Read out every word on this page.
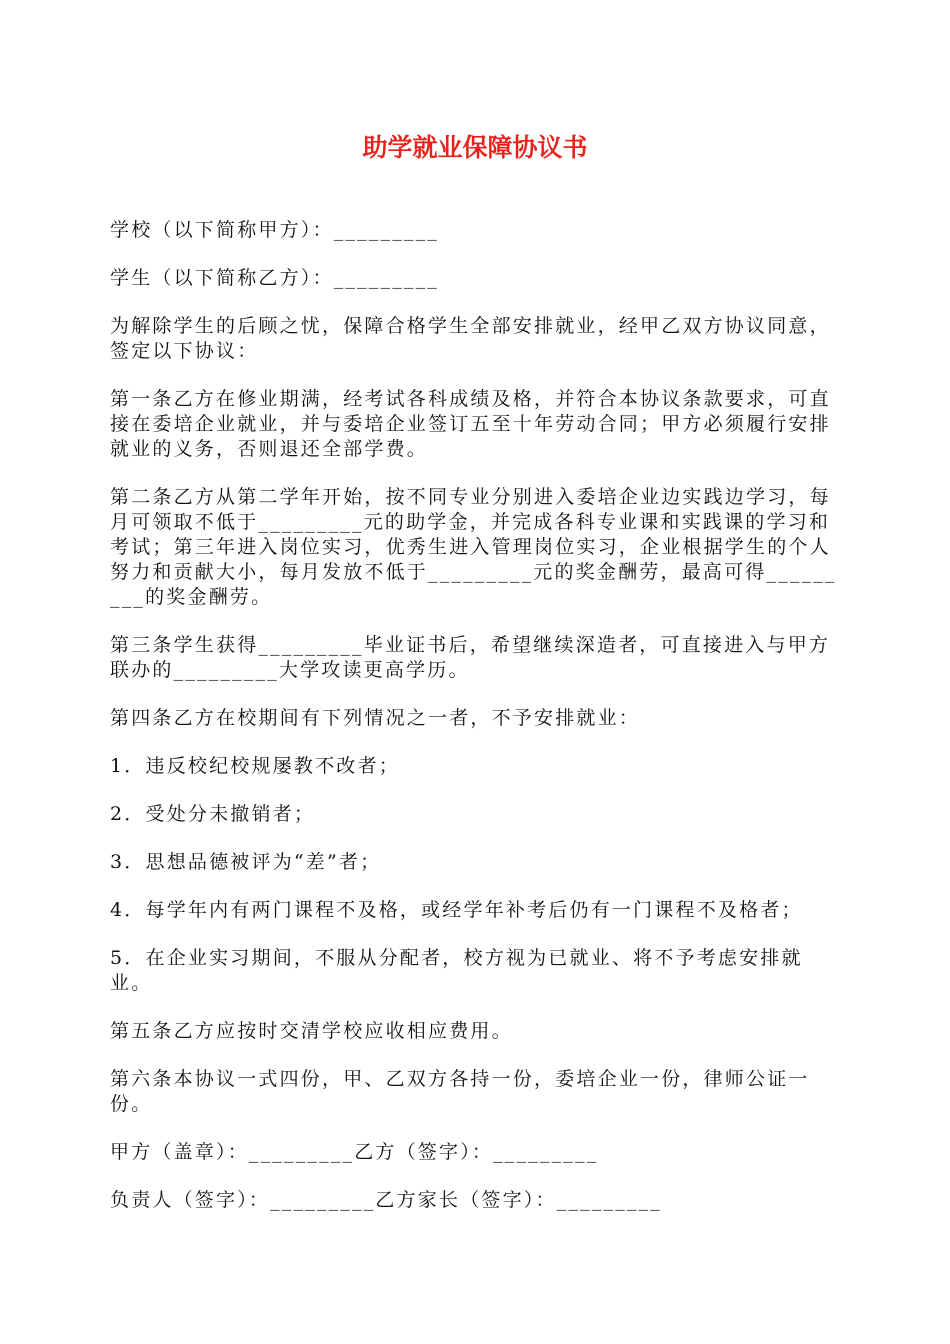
助学就业保障协议书

学校（以下简称甲方）：_________

学生（以下简称乙方）：_________

为解除学生的后顾之忧，保障合格学生全部安排就业，经甲乙双方协议同意，签定以下协议：

第一条乙方在修业期满，经考试各科成绩及格，并符合本协议条款要求，可直接在委培企业就业，并与委培企业签订五至十年劳动合同；甲方必须履行安排就业的义务，否则退还全部学费。

第二条乙方从第二学年开始，按不同专业分别进入委培企业边实践边学习，每月可领取不低于_________元的助学金，并完成各科专业课和实践课的学习和考试；第三年进入岗位实习，优秀生进入管理岗位实习，企业根据学生的个人努力和贡献大小，每月发放不低于_________元的奖金酬劳，最高可得_________的奖金酬劳。

第三条学生获得_________毕业证书后，希望继续深造者，可直接进入与甲方联办的_________大学攻读更高学历。

第四条乙方在校期间有下列情况之一者，不予安排就业：

1．违反校纪校规屡教不改者；

2．受处分未撤销者；

3．思想品德被评为“差”者；

4．每学年内有两门课程不及格，或经学年补考后仍有一门课程不及格者；

5．在企业实习期间，不服从分配者，校方视为已就业、将不予考虑安排就业。

第五条乙方应按时交清学校应收相应费用。

第六条本协议一式四份，甲、乙双方各持一份，委培企业一份，律师公证一份。

甲方（盖章）：_________乙方（签字）：_________

负责人（签字）：_________乙方家长（签字）：_________
